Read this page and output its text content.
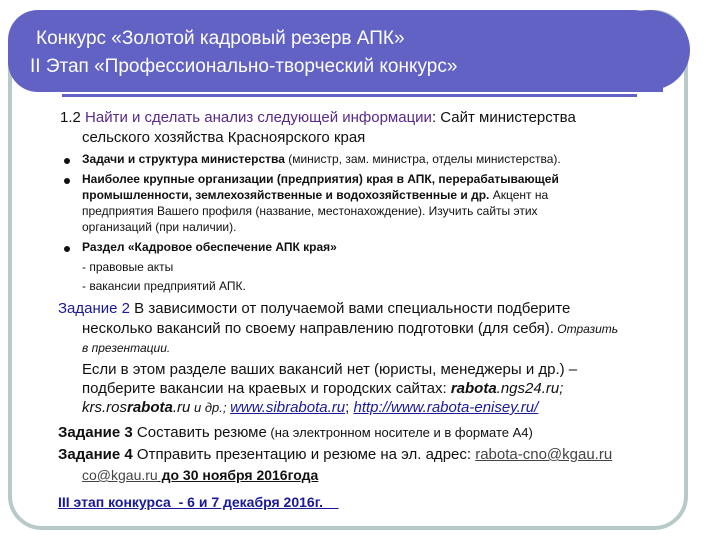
Конкурс «Золотой кадровый резерв АПК»
II Этап «Профессионально-творческий конкурс»
1.2 Найти и сделать анализ следующей информации: Сайт министерства
сельского хозяйства Красноярского края
Задачи и структура министерства (министр, зам. министра, отделы министерства).
Наиболее крупные организации (предприятия) края в АПК, перерабатывающей
промышленности, землехозяйственные и водохозяйственные и др. Акцент на
предприятия Вашего профиля (название, местонахождение). Изучить сайты этих
организаций (при наличии).
Раздел «Кадровое обеспечение АПК края»
- правовые акты
- вакансии предприятий АПК.
Задание 2 В зависимости от получаемой вами специальности подберите
несколько вакансий по своему направлению подготовки (для себя). Отразить
в презентации.
Если в этом разделе ваших вакансий нет (юристы, менеджеры и др.) –
подберите вакансии на краевых и городских сайтах: rabota.ngs24.ru;
krs.rosrabota.ru и др.; www.sibrabota.ru; http://www.rabota-enisey.ru/
Задание 3 Составить резюме (на электронном носителе и в формате А4)
Задание 4 Отправить презентацию и резюме на эл. адрес: rabota-cno@kgau.ru
co@kgau.ru до 30 ноября 2016года
III этап конкурса  - 6 и 7 декабря 2016г.
